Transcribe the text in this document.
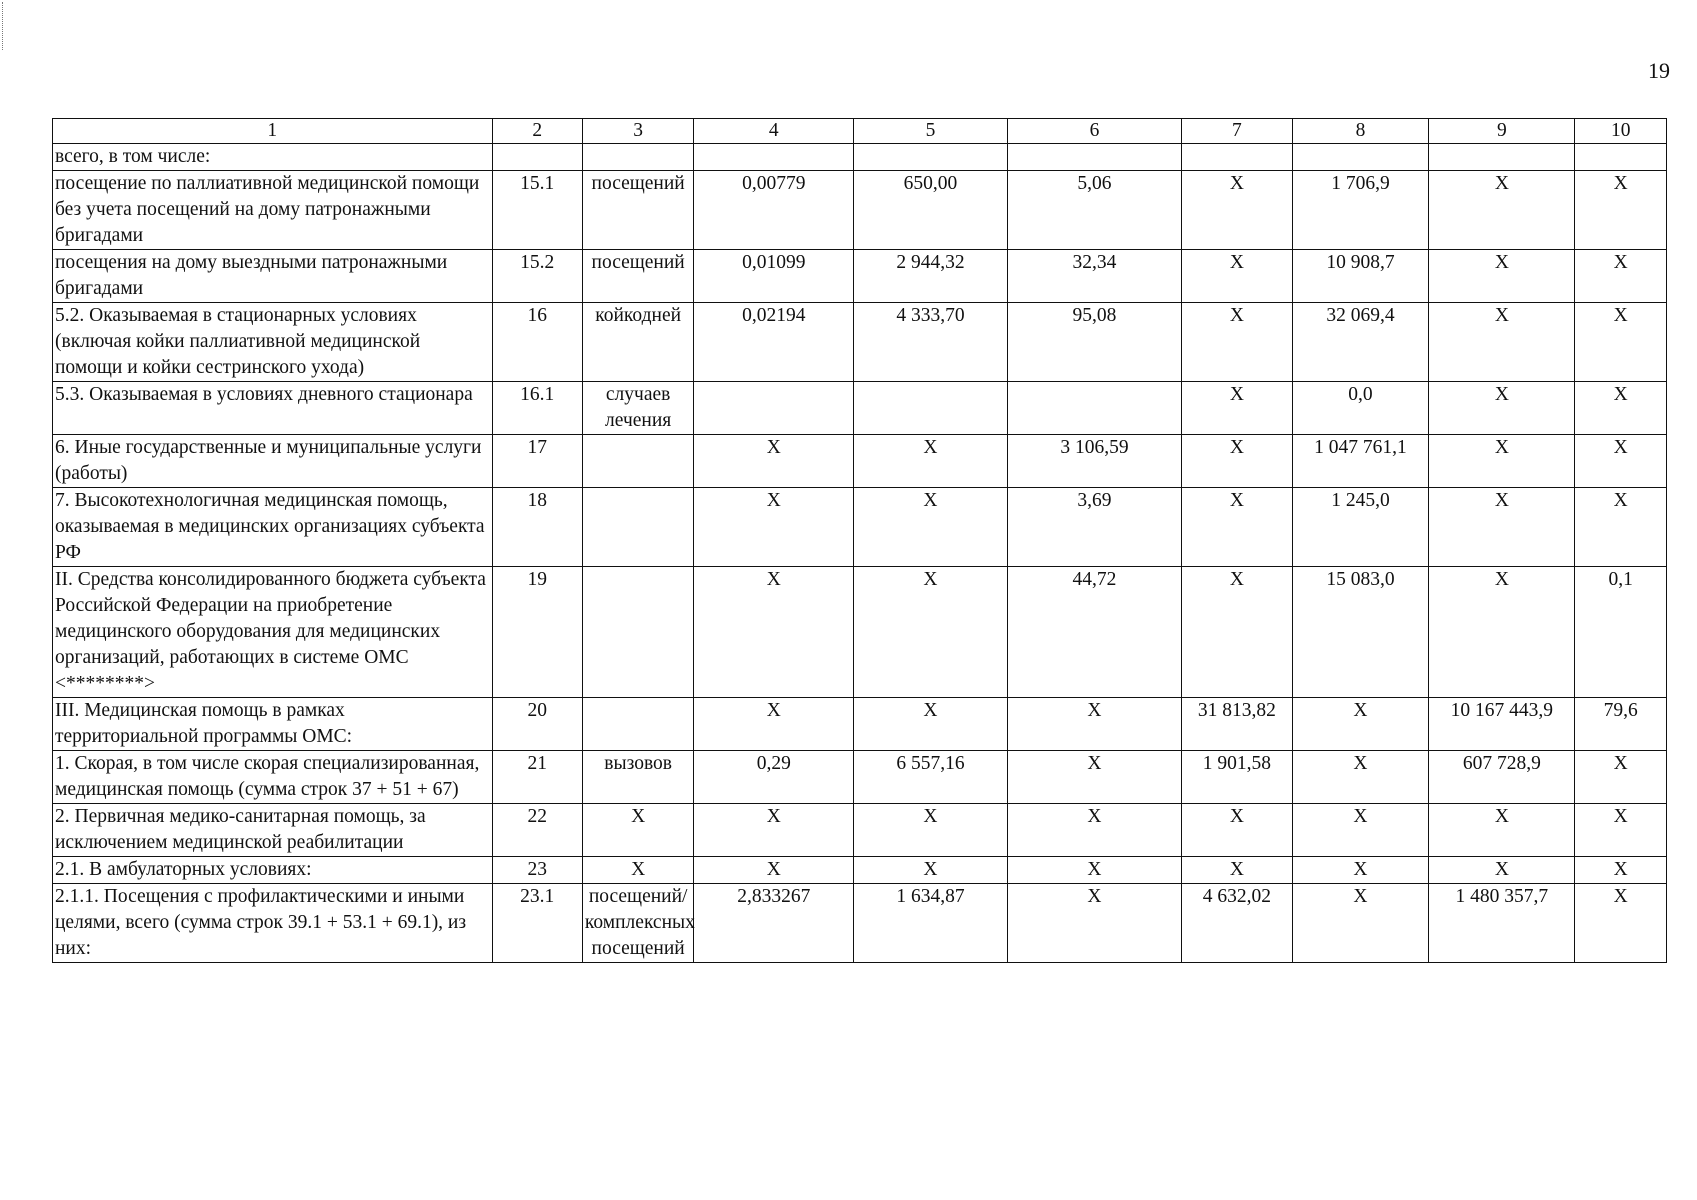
19
1	2	3	4	5	6	7	8	9	10
всего, в том числе:									
посещение по паллиативной медицинской помощи без учета посещений на дому патронажными бригадами	15.1	посещений	0,00779	650,00	5,06	X	1 706,9	X	X
посещения на дому выездными патронажными бригадами	15.2	посещений	0,01099	2 944,32	32,34	X	10 908,7	X	X
5.2. Оказываемая в стационарных условиях (включая койки паллиативной медицинской помощи и койки сестринского ухода)	16	койкодней	0,02194	4 333,70	95,08	X	32 069,4	X	X
5.3. Оказываемая в условиях дневного стационара	16.1	случаев лечения				X	0,0	X	X
6. Иные государственные и муниципальные услуги (работы)	17		X	X	3 106,59	X	1 047 761,1	X	X
7. Высокотехнологичная медицинская помощь, оказываемая в медицинских организациях субъекта РФ	18		X	X	3,69	X	1 245,0	X	X
II. Средства консолидированного бюджета субъекта Российской Федерации на приобретение медицинского оборудования для медицинских организаций, работающих в системе ОМС <********>	19		X	X	44,72	X	15 083,0	X	0,1
III. Медицинская помощь в рамках территориальной программы ОМС:	20		X	X	X	31 813,82	X	10 167 443,9	79,6
1. Скорая, в том числе скорая специализированная, медицинская помощь (сумма строк 37 + 51 + 67)	21	вызовов	0,29	6 557,16	X	1 901,58	X	607 728,9	X
2. Первичная медико-санитарная помощь, за исключением медицинской реабилитации	22	X	X	X	X	X	X	X	X
2.1. В амбулаторных условиях:	23	X	X	X	X	X	X	X	X
2.1.1. Посещения с профилактическими и иными целями, всего (сумма строк 39.1 + 53.1 + 69.1), из них:	23.1	посещений/комплексных посещений	2,833267	1 634,87	X	4 632,02	X	1 480 357,7	X
